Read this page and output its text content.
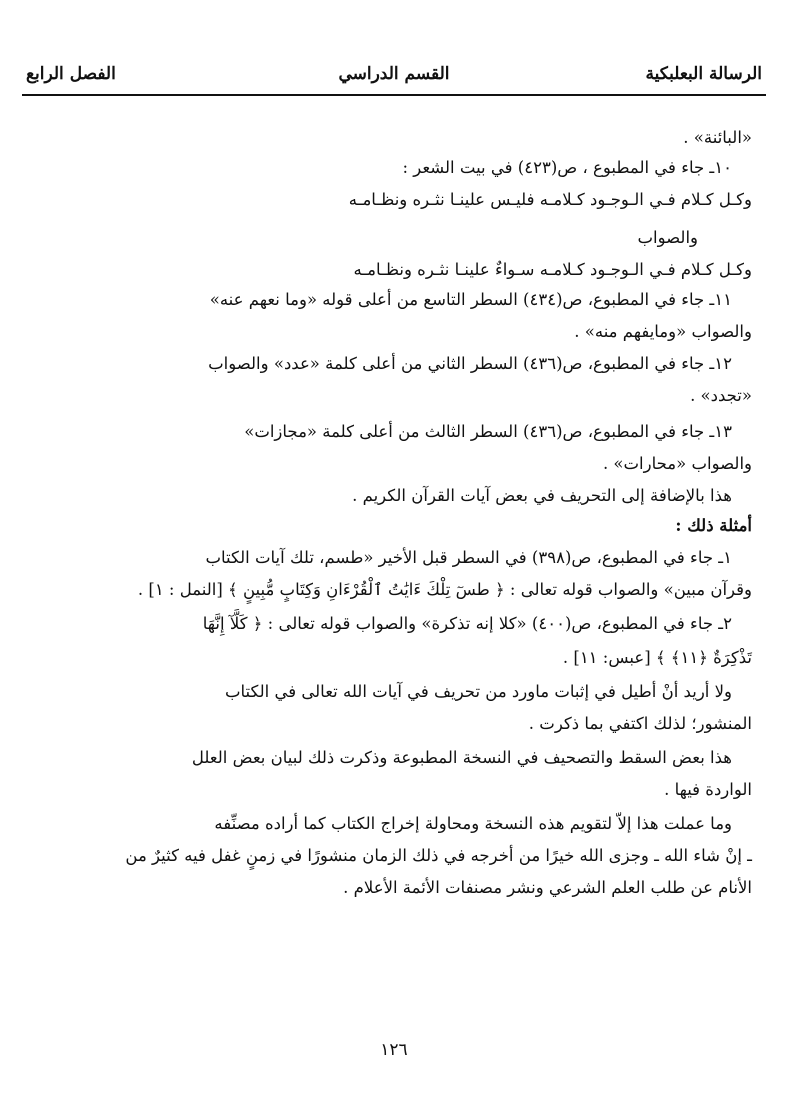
الرسالة البعلبكية
القسم الدراسي
الفصل الرابع
«البائنة» .
١٠ـ جاء في المطبوع ، ص(٤٢٣) في بيت الشعر :
وكـل كـلام فـي الـوجـود كـلامـه فليـس علينـا نثـره ونظـامـه
والصواب
وكـل كـلام فـي الـوجـود كـلامـه سـواءٌ علينـا نثـره ونظـامـه
١١ـ جاء في المطبوع، ص(٤٣٤) السطر التاسع من أعلى قوله «وما نعهم عنه»
والصواب «ومايفهم منه» .
١٢ـ جاء في المطبوع، ص(٤٣٦) السطر الثاني من أعلى كلمة «عدد» والصواب
«تجدد» .
١٣ـ جاء في المطبوع، ص(٤٣٦) السطر الثالث من أعلى كلمة «مجازات»
والصواب «محارات» .
هذا بالإضافة إلى التحريف في بعض آيات القرآن الكريم .
أمثلة ذلك :
١ـ جاء في المطبوع، ص(٣٩٨) في السطر قبل الأخير «طسم، تلك آيات الكتاب
وقرآن مبين» والصواب قوله تعالى : ﴿ طسٓ تِلْكَ ءَايَٰتُ ٱلْقُرْءَانِ وَكِتَابٍ مُّبِينٍ ﴾ [النمل : ١] .
٢ـ جاء في المطبوع، ص(٤٠٠) «كلا إنه تذكرة» والصواب قوله تعالى : ﴿ كَلَّآ إِنَّهَا
تَذْكِرَةٌ ﴿١١﴾ ﴾ [عبس: ١١] .
ولا أريد أنْ أطيل في إثبات ماورد من تحريف في آيات الله تعالى في الكتاب
المنشور؛ لذلك اكتفي بما ذكرت .
هذا بعض السقط والتصحيف في النسخة المطبوعة وذكرت ذلك لبيان بعض العلل
الواردة فيها .
وما عملت هذا إلاّ لتقويم هذه النسخة ومحاولة إخراج الكتاب كما أراده مصنِّفه
ـ إنْ شاء الله ـ وجزى الله خيرًا من أخرجه في ذلك الزمان منشورًا في زمنٍ غفل فيه كثيرٌ من
الأنام عن طلب العلم الشرعي ونشر مصنفات الأئمة الأعلام .
١٢٦
